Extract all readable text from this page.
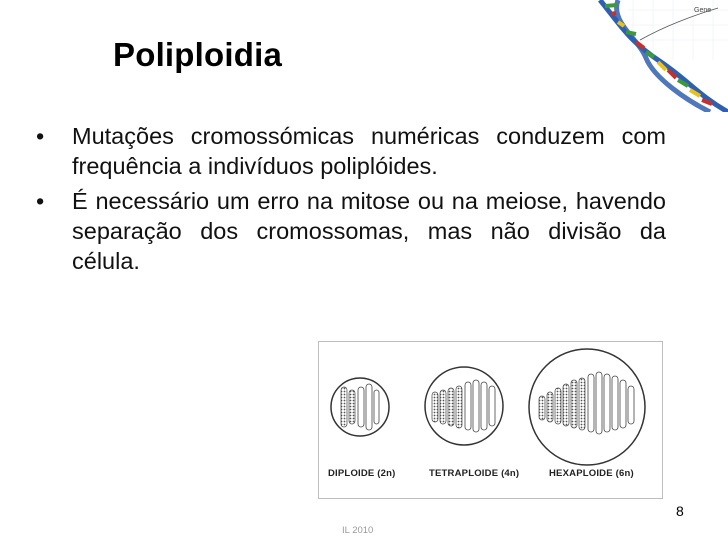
Gene
Poliploidia
•	Mutações cromossómicas numéricas conduzem com frequência a indivíduos poliplóides.
•	É necessário um erro na mitose ou na meiose, havendo separação dos cromossomas, mas não divisão da célula.
DIPLOIDE (2n)	TETRAPLOIDE (4n)	HEXAPLOIDE (6n)
8
IL 2010
